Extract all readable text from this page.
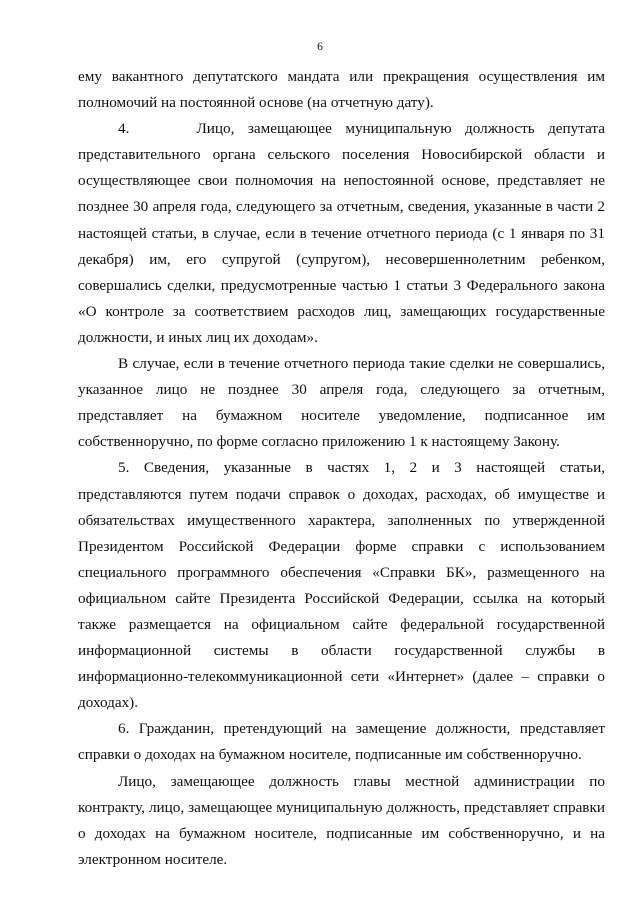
6

ему вакантного депутатского мандата или прекращения осуществления им полномочий на постоянной основе (на отчетную дату).

4.     Лицо, замещающее муниципальную должность депутата представительного органа сельского поселения Новосибирской области и осуществляющее свои полномочия на непостоянной основе, представляет не позднее 30 апреля года, следующего за отчетным, сведения, указанные в части 2 настоящей статьи, в случае, если в течение отчетного периода (с 1 января по 31 декабря) им, его супругой (супругом), несовершеннолетним ребенком, совершались сделки, предусмотренные частью 1 статьи 3 Федерального закона «О контроле за соответствием расходов лиц, замещающих государственные должности, и иных лиц их доходам».

В случае, если в течение отчетного периода такие сделки не совершались, указанное лицо не позднее 30 апреля года, следующего за отчетным, представляет на бумажном носителе уведомление, подписанное им собственноручно, по форме согласно приложению 1 к настоящему Закону.

5. Сведения, указанные в частях 1, 2 и 3 настоящей статьи, представляются путем подачи справок о доходах, расходах, об имуществе и обязательствах имущественного характера, заполненных по утвержденной Президентом Российской Федерации форме справки с использованием специального программного обеспечения «Справки БК», размещенного на официальном сайте Президента Российской Федерации, ссылка на который также размещается на официальном сайте федеральной государственной информационной системы в области государственной службы в информационно-телекоммуникационной сети «Интернет» (далее – справки о доходах).

6. Гражданин, претендующий на замещение должности, представляет справки о доходах на бумажном носителе, подписанные им собственноручно.

Лицо, замещающее должность главы местной администрации по контракту, лицо, замещающее муниципальную должность, представляет справки о доходах на бумажном носителе, подписанные им собственноручно, и на электронном носителе.
